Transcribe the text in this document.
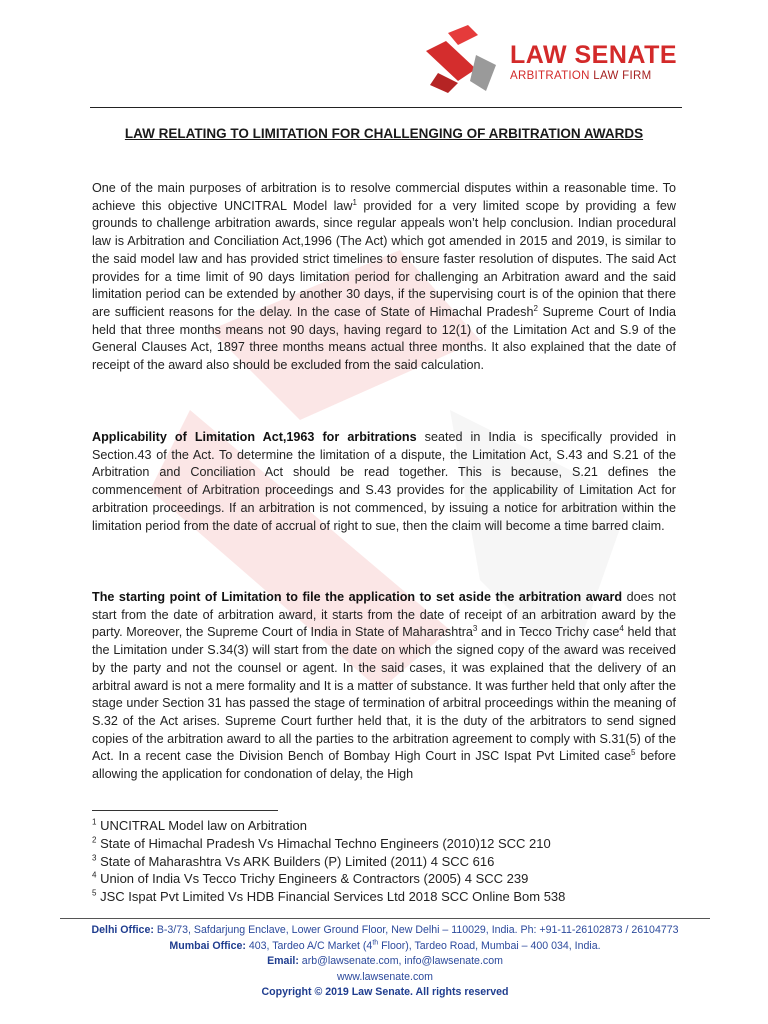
LAW SENATE
ARBITRATION LAW FIRM
LAW RELATING TO LIMITATION FOR CHALLENGING OF ARBITRATION AWARDS
One of the main purposes of arbitration is to resolve commercial disputes within a reasonable time. To achieve this objective UNCITRAL Model law$^1$ provided for a very limited scope by providing a few grounds to challenge arbitration awards, since regular appeals won’t help conclusion. Indian procedural law is Arbitration and Conciliation Act,1996 (The Act) which got amended in 2015 and 2019, is similar to the said model law and has provided strict timelines to ensure faster resolution of disputes. The said Act provides for a time limit of 90 days limitation period for challenging an Arbitration award and the said limitation period can be extended by another 30 days, if the supervising court is of the opinion that there are sufficient reasons for the delay. In the case of State of Himachal Pradesh$^2$ Supreme Court of India held that three months means not 90 days, having regard to 12(1) of the Limitation Act and S.9 of the General Clauses Act, 1897 three months means actual three months. It also explained that the date of receipt of the award also should be excluded from the said calculation.
Applicability of Limitation Act,1963 for arbitrations seated in India is specifically provided in Section.43 of the Act. To determine the limitation of a dispute, the Limitation Act, S.43 and S.21 of the Arbitration and Conciliation Act should be read together. This is because, S.21 defines the commencement of Arbitration proceedings and S.43 provides for the applicability of Limitation Act for arbitration proceedings. If an arbitration is not commenced, by issuing a notice for arbitration within the limitation period from the date of accrual of right to sue, then the claim will become a time barred claim.
The starting point of Limitation to file the application to set aside the arbitration award does not start from the date of arbitration award, it starts from the date of receipt of an arbitration award by the party. Moreover, the Supreme Court of India in State of Maharashtra$^3$ and in Tecco Trichy case$^4$ held that the Limitation under S.34(3) will start from the date on which the signed copy of the award was received by the party and not the counsel or agent. In the said cases, it was explained that the delivery of an arbitral award is not a mere formality and It is a matter of substance. It was further held that only after the stage under Section 31 has passed the stage of termination of arbitral proceedings within the meaning of S.32 of the Act arises. Supreme Court further held that, it is the duty of the arbitrators to send signed copies of the arbitration award to all the parties to the arbitration agreement to comply with S.31(5) of the Act. In a recent case the Division Bench of Bombay High Court in JSC Ispat Pvt Limited case$^5$ before allowing the application for condonation of delay, the High
$^1$ UNCITRAL Model law on Arbitration
$^2$ State of Himachal Pradesh Vs Himachal Techno Engineers (2010)12 SCC 210
$^3$ State of Maharashtra Vs ARK Builders (P) Limited (2011) 4 SCC 616
$^4$ Union of India Vs Tecco Trichy Engineers & Contractors (2005) 4 SCC 239
$^5$ JSC Ispat Pvt Limited Vs HDB Financial Services Ltd 2018 SCC Online Bom 538
Delhi Office: B-3/73, Safdarjung Enclave, Lower Ground Floor, New Delhi – 110029, India. Ph: +91-11-26102873 / 26104773
Mumbai Office: 403, Tardeo A/C Market (4th Floor), Tardeo Road, Mumbai – 400 034, India.
Email: arb@lawsenate.com, info@lawsenate.com
www.lawsenate.com
Copyright © 2019 Law Senate. All rights reserved
